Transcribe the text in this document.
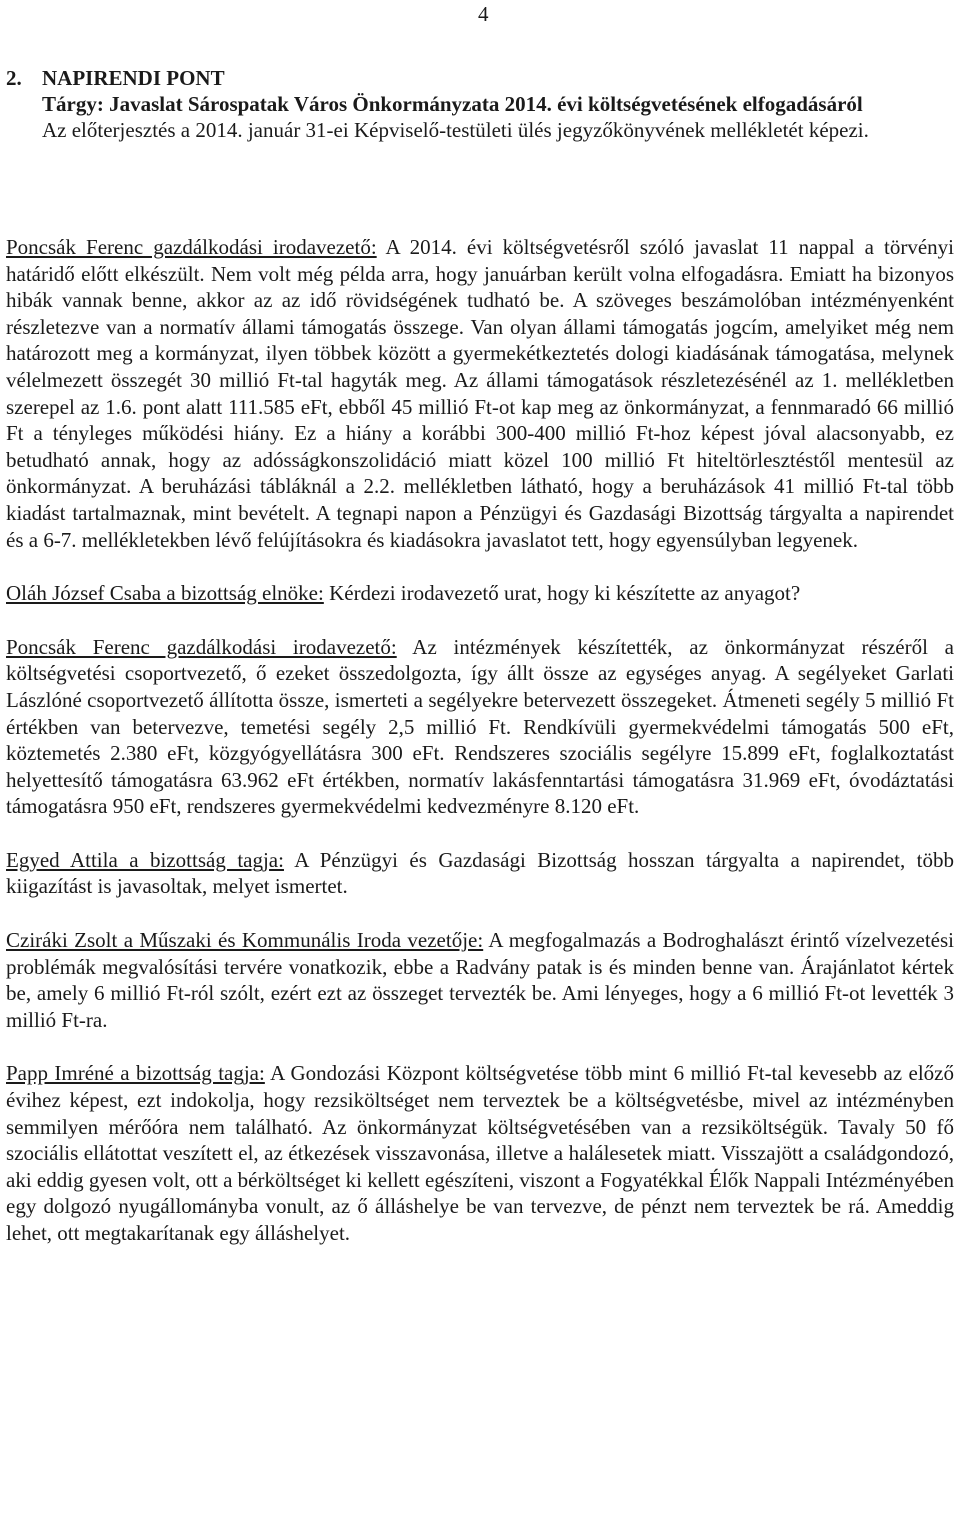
4
2. NAPIRENDI PONT
Tárgy: Javaslat Sárospatak Város Önkormányzata 2014. évi költségvetésének elfogadásáról
Az előterjesztés a 2014. január 31-ei Képviselő-testületi ülés jegyzőkönyvének mellékletét képezi.

Poncsák Ferenc gazdálkodási irodavezető: A 2014. évi költségvetésről szóló javaslat 11 nappal a törvényi határidő előtt elkészült. Nem volt még példa arra, hogy januárban került volna elfogadásra. Emiatt ha bizonyos hibák vannak benne, akkor az az idő rövidségének tudható be. A szöveges beszámolóban intézményenként részletezve van a normatív állami támogatás összege. Van olyan állami támogatás jogcím, amelyiket még nem határozott meg a kormányzat, ilyen többek között a gyermekétkeztetés dologi kiadásának támogatása, melynek vélelmezett összegét 30 millió Ft-tal hagyták meg. Az állami támogatások részletezésénél az 1. mellékletben szerepel az 1.6. pont alatt 111.585 eFt, ebből 45 millió Ft-ot kap meg az önkormányzat, a fennmaradó 66 millió Ft a tényleges működési hiány. Ez a hiány a korábbi 300-400 millió Ft-hoz képest jóval alacsonyabb, ez betudható annak, hogy az adósságkonszolidáció miatt közel 100 millió Ft hiteltörlesztéstől mentesül az önkormányzat. A beruházási tábláknál a 2.2. mellékletben látható, hogy a beruházások 41 millió Ft-tal több kiadást tartalmaznak, mint bevételt. A tegnapi napon a Pénzügyi és Gazdasági Bizottság tárgyalta a napirendet és a 6-7. mellékletekben lévő felújításokra és kiadásokra javaslatot tett, hogy egyensúlyban legyenek.

Oláh József Csaba a bizottság elnöke: Kérdezi irodavezető urat, hogy ki készítette az anyagot?

Poncsák Ferenc gazdálkodási irodavezető: Az intézmények készítették, az önkormányzat részéről a költségvetési csoportvezető, ő ezeket összedolgozta, így állt össze az egységes anyag. A segélyeket Garlati Lászlóné csoportvezető állította össze, ismerteti a segélyekre betervezett összegeket. Átmeneti segély 5 millió Ft értékben van betervezve, temetési segély 2,5 millió Ft. Rendkívüli gyermekvédelmi támogatás 500 eFt, köztemetés 2.380 eFt, közgyógyellátásra 300 eFt. Rendszeres szociális segélyre 15.899 eFt, foglalkoztatást helyettesítő támogatásra 63.962 eFt értékben, normatív lakásfenntartási támogatásra 31.969 eFt, óvodáztatási támogatásra 950 eFt, rendszeres gyermekvédelmi kedvezményre 8.120 eFt.

Egyed Attila a bizottság tagja: A Pénzügyi és Gazdasági Bizottság hosszan tárgyalta a napirendet, több kiigazítást is javasoltak, melyet ismertet.

Cziráki Zsolt a Műszaki és Kommunális Iroda vezetője: A megfogalmazás a Bodroghalászt érintő vízelvezetési problémák megvalósítási tervére vonatkozik, ebbe a Radvány patak is és minden benne van. Árajánlatot kértek be, amely 6 millió Ft-ról szólt, ezért ezt az összeget tervezték be. Ami lényeges, hogy a 6 millió Ft-ot levették 3 millió Ft-ra.

Papp Imréné a bizottság tagja: A Gondozási Központ költségvetése több mint 6 millió Ft-tal kevesebb az előző évihez képest, ezt indokolja, hogy rezsiköltséget nem terveztek be a költségvetésbe, mivel az intézményben semmilyen mérőóra nem található. Az önkormányzat költségvetésében van a rezsiköltségük. Tavaly 50 fő szociális ellátottat veszített el, az étkezések visszavonása, illetve a halálesetek miatt. Visszajött a családgondozó, aki eddig gyesen volt, ott a bérköltséget ki kellett egészíteni, viszont a Fogyatékkal Élők Nappali Intézményében egy dolgozó nyugállományba vonult, az ő álláshelye be van tervezve, de pénzt nem terveztek be rá. Ameddig lehet, ott megtakarítanak egy álláshelyet.
